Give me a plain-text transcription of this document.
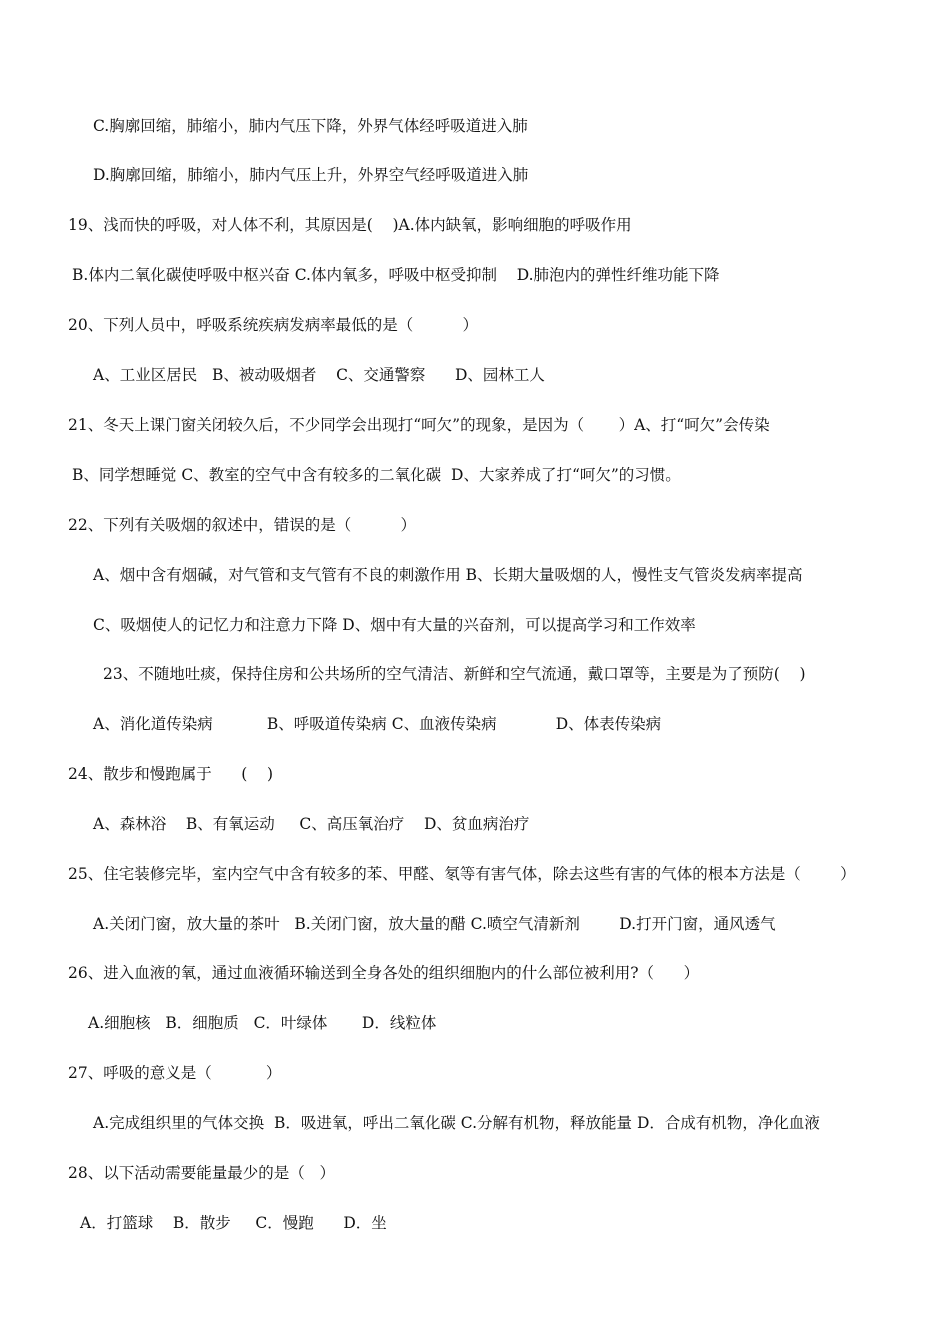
C.胸廓回缩，肺缩小，肺内气压下降，外界气体经呼吸道进入肺
D.胸廓回缩，肺缩小，肺内气压上升，外界空气经呼吸道进入肺
19、浅而快的呼吸，对人体不利，其原因是(    )A.体内缺氧，影响细胞的呼吸作用
B.体内二氧化碳使呼吸中枢兴奋 C.体内氧多，呼吸中枢受抑制    D.肺泡内的弹性纤维功能下降
20、下列人员中，呼吸系统疾病发病率最低的是（          ）
A、工业区居民   B、被动吸烟者    C、交通警察      D、园林工人
21、冬天上课门窗关闭较久后，不少同学会出现打“呵欠”的现象，是因为（       ）A、打“呵欠”会传染
B、同学想睡觉 C、教室的空气中含有较多的二氧化碳  D、大家养成了打“呵欠”的习惯。
22、下列有关吸烟的叙述中，错误的是（          ）
A、烟中含有烟碱，对气管和支气管有不良的刺激作用 B、长期大量吸烟的人，慢性支气管炎发病率提高
C、吸烟使人的记忆力和注意力下降 D、烟中有大量的兴奋剂，可以提高学习和工作效率
23、不随地吐痰，保持住房和公共场所的空气清洁、新鲜和空气流通，戴口罩等，主要是为了预防(    )
A、消化道传染病           B、呼吸道传染病 C、血液传染病            D、体表传染病
24、散步和慢跑属于      (    )
A、森林浴    B、有氧运动     C、高压氧治疗    D、贫血病治疗
25、住宅装修完毕，室内空气中含有较多的苯、甲醛、氡等有害气体，除去这些有害的气体的根本方法是（        ）
A.关闭门窗，放大量的茶叶   B.关闭门窗，放大量的醋 C.喷空气清新剂        D.打开门窗，通风透气
26、进入血液的氧，通过血液循环输送到全身各处的组织细胞内的什么部位被利用?（      ）
A.细胞核   B．细胞质   C．叶绿体       D．线粒体
27、呼吸的意义是（           ）
A.完成组织里的气体交换  B．吸进氧，呼出二氧化碳 C.分解有机物，释放能量 D．合成有机物，净化血液
28、以下活动需要能量最少的是（   ）
A．打篮球    B．散步     C．慢跑      D．坐
